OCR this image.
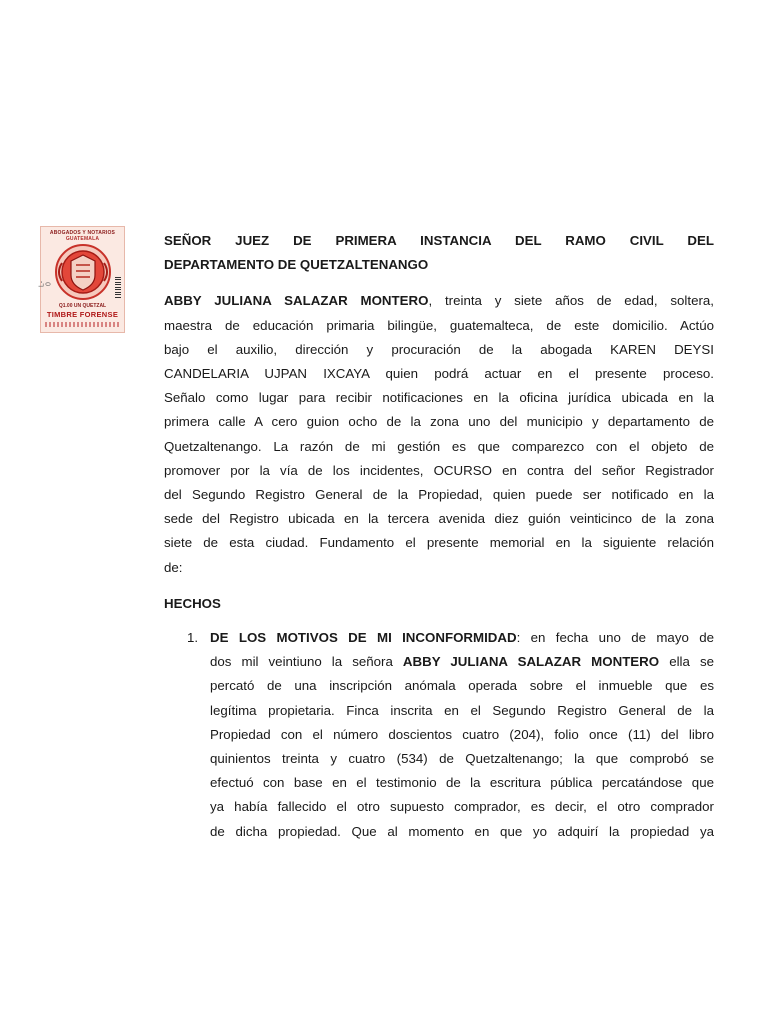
ABOGADOS Y NOTARIOS
GUATEMALA
L-0
Q1.00 UN QUETZAL
TIMBRE FORENSE
SEÑOR JUEZ DE PRIMERA INSTANCIA DEL RAMO CIVIL DEL
DEPARTAMENTO DE QUETZALTENANGO
ABBY JULIANA SALAZAR MONTERO, treinta y siete años de edad, soltera,
maestra de educación primaria bilingüe, guatemalteca, de este domicilio. Actúo
bajo el auxilio, dirección y procuración de la abogada KAREN DEYSI
CANDELARIA UJPAN IXCAYA quien podrá actuar en el presente proceso.
Señalo como lugar para recibir notificaciones en la oficina jurídica ubicada en la
primera calle A cero guion ocho de la zona uno del municipio y departamento de
Quetzaltenango. La razón de mi gestión es que comparezco con el objeto de
promover por la vía de los incidentes, OCURSO en contra del señor Registrador
del Segundo Registro General de la Propiedad, quien puede ser notificado en la
sede del Registro ubicada en la tercera avenida diez guión veinticinco de la zona
siete de esta ciudad. Fundamento el presente memorial en la siguiente relación
de:

HECHOS

1. DE LOS MOTIVOS DE MI INCONFORMIDAD: en fecha uno de mayo de
dos mil veintiuno la señora ABBY JULIANA SALAZAR MONTERO ella se
percató de una inscripción anómala operada sobre el inmueble que es
legítima propietaria. Finca inscrita en el Segundo Registro General de la
Propiedad con el número doscientos cuatro (204), folio once (11) del libro
quinientos treinta y cuatro (534) de Quetzaltenango; la que comprobó se
efectuó con base en el testimonio de la escritura pública percatándose que
ya había fallecido el otro supuesto comprador, es decir, el otro comprador
de dicha propiedad. Que al momento en que yo adquirí la propiedad ya
